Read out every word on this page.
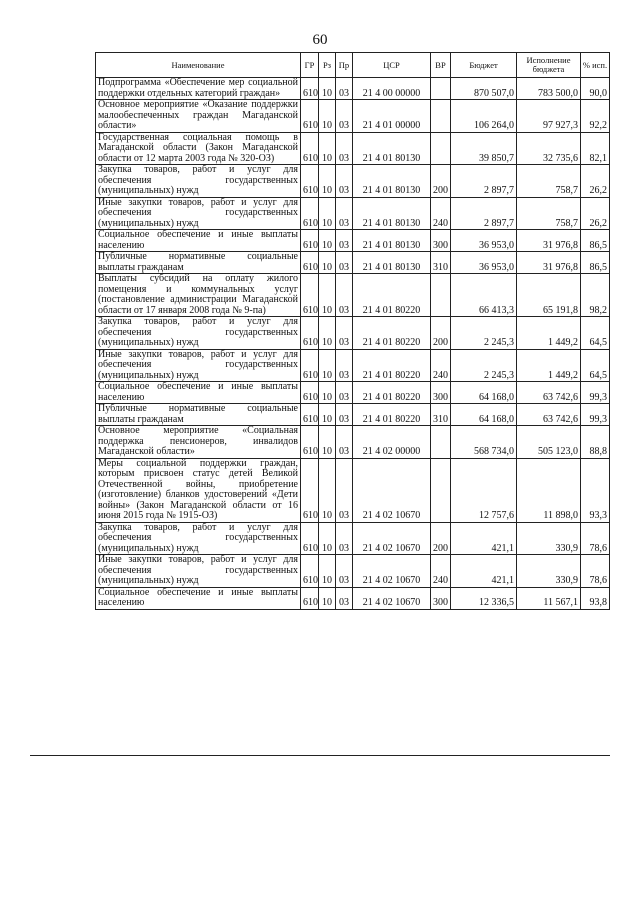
60
Наименование	ГР	Рз	Пр	ЦСР	ВР	Бюджет	Исполнение бюджета	% исп.
Подпрограмма «Обеспечение мер социальной поддержки отдельных категорий граждан»	610	10	03	21 4 00 00000		870 507,0	783 500,0	90,0
Основное мероприятие «Оказание поддержки малообеспеченных граждан Магаданской области»	610	10	03	21 4 01 00000		106 264,0	97 927,3	92,2
Государственная социальная помощь в Магаданской области (Закон Магаданской области от 12 марта 2003 года № 320-ОЗ)	610	10	03	21 4 01 80130		39 850,7	32 735,6	82,1
Закупка товаров, работ и услуг для обеспечения государственных (муниципальных) нужд	610	10	03	21 4 01 80130	200	2 897,7	758,7	26,2
Иные закупки товаров, работ и услуг для обеспечения государственных (муниципальных) нужд	610	10	03	21 4 01 80130	240	2 897,7	758,7	26,2
Социальное обеспечение и иные выплаты населению	610	10	03	21 4 01 80130	300	36 953,0	31 976,8	86,5
Публичные нормативные социальные выплаты гражданам	610	10	03	21 4 01 80130	310	36 953,0	31 976,8	86,5
Выплаты субсидий на оплату жилого помещения и коммунальных услуг (постановление администрации Магаданской области от 17 января 2008 года № 9-па)	610	10	03	21 4 01 80220		66 413,3	65 191,8	98,2
Закупка товаров, работ и услуг для обеспечения государственных (муниципальных) нужд	610	10	03	21 4 01 80220	200	2 245,3	1 449,2	64,5
Иные закупки товаров, работ и услуг для обеспечения государственных (муниципальных) нужд	610	10	03	21 4 01 80220	240	2 245,3	1 449,2	64,5
Социальное обеспечение и иные выплаты населению	610	10	03	21 4 01 80220	300	64 168,0	63 742,6	99,3
Публичные нормативные социальные выплаты гражданам	610	10	03	21 4 01 80220	310	64 168,0	63 742,6	99,3
Основное мероприятие «Социальная поддержка пенсионеров, инвалидов Магаданской области»	610	10	03	21 4 02 00000		568 734,0	505 123,0	88,8
Меры социальной поддержки граждан, которым присвоен статус детей Великой Отечественной войны, приобретение (изготовление) бланков удостоверений «Дети войны» (Закон Магаданской области от 16 июня 2015 года № 1915-ОЗ)	610	10	03	21 4 02 10670		12 757,6	11 898,0	93,3
Закупка товаров, работ и услуг для обеспечения государственных (муниципальных) нужд	610	10	03	21 4 02 10670	200	421,1	330,9	78,6
Иные закупки товаров, работ и услуг для обеспечения государственных (муниципальных) нужд	610	10	03	21 4 02 10670	240	421,1	330,9	78,6
Социальное обеспечение и иные выплаты населению	610	10	03	21 4 02 10670	300	12 336,5	11 567,1	93,8
